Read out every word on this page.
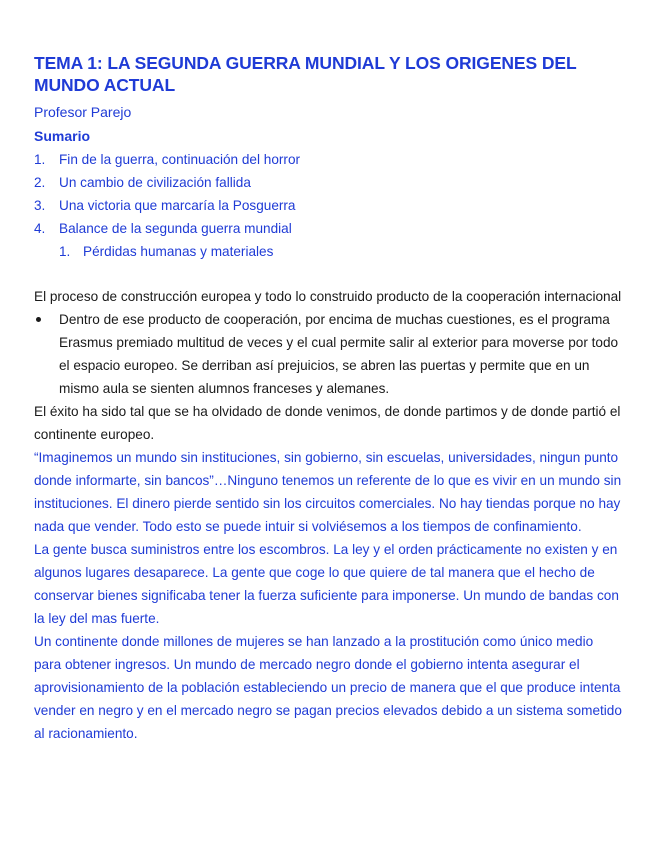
TEMA 1: LA SEGUNDA GUERRA MUNDIAL Y LOS ORIGENES DEL MUNDO ACTUAL
Profesor Parejo
Sumario
1. Fin de la guerra, continuación del horror
2. Un cambio de civilización fallida
3. Una victoria que marcaría la Posguerra
4. Balance de la segunda guerra mundial
1. Pérdidas humanas y materiales

El proceso de construcción europea y todo lo construido producto de la cooperación internacional

Dentro de ese producto de cooperación, por encima de muchas cuestiones, es el programa Erasmus premiado multitud de veces y el cual permite salir al exterior para moverse por todo el espacio europeo. Se derriban así prejuicios, se abren las puertas y permite que en un mismo aula se sienten alumnos franceses y alemanes.

El éxito ha sido tal que se ha olvidado de donde venimos, de donde partimos y de donde partió el continente europeo.

“Imaginemos un mundo sin instituciones, sin gobierno, sin escuelas, universidades, ningun punto donde informarte, sin bancos”…Ninguno tenemos un referente de lo que es vivir en un mundo sin instituciones. El dinero pierde sentido sin los circuitos comerciales. No hay tiendas porque no hay nada que vender. Todo esto se puede intuir si volviésemos a los tiempos de confinamiento.

La gente busca suministros entre los escombros. La ley y el orden prácticamente no existen y en algunos lugares desaparece. La gente que coge lo que quiere de tal manera que el hecho de conservar bienes significaba tener la fuerza suficiente para imponerse. Un mundo de bandas con la ley del mas fuerte.

Un continente donde millones de mujeres se han lanzado a la prostitución como único medio para obtener ingresos. Un mundo de mercado negro donde el gobierno intenta asegurar el aprovisionamiento de la población estableciendo un precio de manera que el que produce intenta vender en negro y en el mercado negro se pagan precios elevados debido a un sistema sometido al racionamiento.
